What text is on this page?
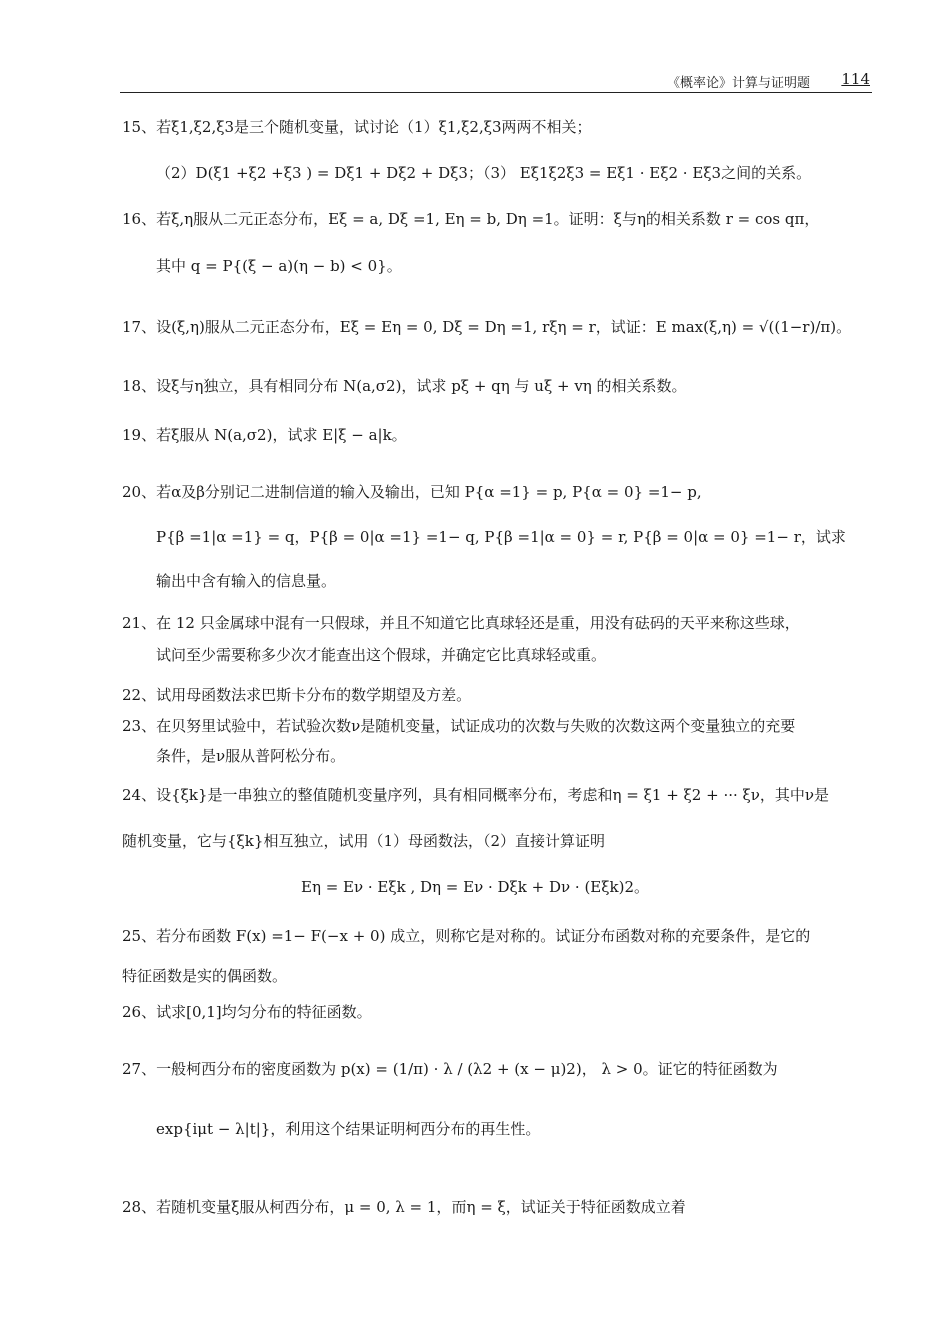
《概率论》计算与证明题 114
15、若ξ1,ξ2,ξ3是三个随机变量，试讨论（1）ξ1,ξ2,ξ3两两不相关；
（2）D(ξ1 +ξ2 +ξ3 ) = Dξ1 + Dξ2 + Dξ3；（3） Eξ1ξ2ξ3 = Eξ1 · Eξ2 · Eξ3之间的关系。
16、若ξ,η服从二元正态分布，Eξ = a, Dξ =1, Eη = b, Dη =1。证明：ξ与η的相关系数 r = cos qπ，
其中 q = P{(ξ − a)(η − b) < 0}。
17、设(ξ,η)服从二元正态分布，Eξ = Eη = 0, Dξ = Dη =1, rξη = r，试证：E max(ξ,η) = √((1−r)/π)。
18、设ξ与η独立，具有相同分布 N(a,σ2)，试求 pξ + qη 与 uξ + vη 的相关系数。
19、若ξ服从 N(a,σ2)，试求 E|ξ − a|k。
20、若α及β分别记二进制信道的输入及输出，已知 P{α =1} = p, P{α = 0} =1− p,
P{β =1|α =1} = q，P{β = 0|α =1} =1− q, P{β =1|α = 0} = r, P{β = 0|α = 0} =1− r，试求
输出中含有输入的信息量。
21、在 12 只金属球中混有一只假球，并且不知道它比真球轻还是重，用没有砝码的天平来称这些球，
试问至少需要称多少次才能查出这个假球，并确定它比真球轻或重。
22、试用母函数法求巴斯卡分布的数学期望及方差。
23、在贝努里试验中，若试验次数ν是随机变量，试证成功的次数与失败的次数这两个变量独立的充要
条件，是ν服从普阿松分布。
24、设{ξk}是一串独立的整值随机变量序列，具有相同概率分布，考虑和η = ξ1 + ξ2 + ··· ξν，其中ν是
随机变量，它与{ξk}相互独立，试用（1）母函数法，（2）直接计算证明
Eη = Eν · Eξk , Dη = Eν · Dξk + Dν · (Eξk)2。
25、若分布函数 F(x) =1− F(−x + 0) 成立，则称它是对称的。试证分布函数对称的充要条件，是它的
特征函数是实的偶函数。
26、试求[0,1]均匀分布的特征函数。
27、一般柯西分布的密度函数为 p(x) = (1/π) · λ / (λ2 + (x − μ)2)， λ > 0。证它的特征函数为
exp{iμt − λ|t|}，利用这个结果证明柯西分布的再生性。
28、若随机变量ξ服从柯西分布，μ = 0, λ = 1，而η = ξ，试证关于特征函数成立着
